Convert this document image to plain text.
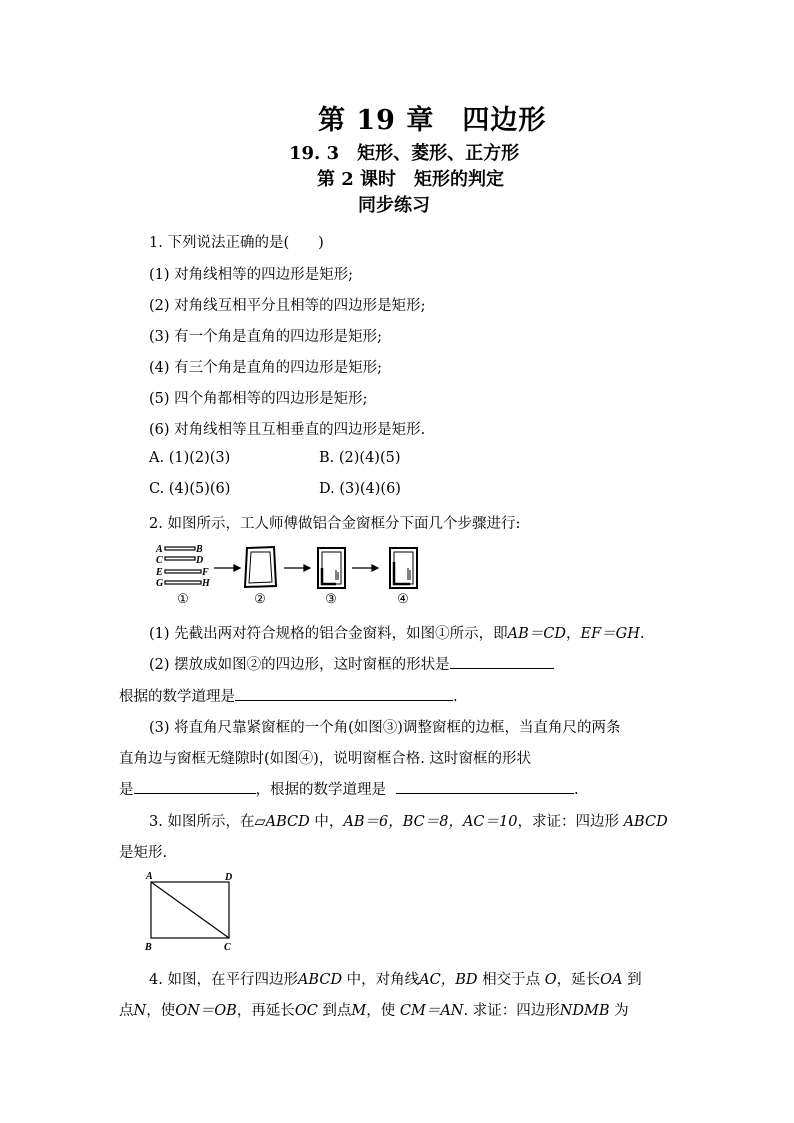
第 19 章　四边形
19. 3　矩形、菱形、正方形
第 2 课时　矩形的判定
同步练习
1. 下列说法正确的是(　　)
(1) 对角线相等的四边形是矩形;
(2) 对角线互相平分且相等的四边形是矩形;
(3) 有一个角是直角的四边形是矩形;
(4) 有三个角是直角的四边形是矩形;
(5) 四个角都相等的四边形是矩形;
(6) 对角线相等且互相垂直的四边形是矩形.
A. (1)(2)(3)	B. (2)(4)(5)
C. (4)(5)(6)	D. (3)(4)(6)
2. 如图所示，工人师傅做铝合金窗框分下面几个步骤进行:
A
C
E
G
B
D
F
H
①	②	③	④
(1) 先截出两对符合规格的铝合金窗料，如图①所示，即AB＝CD，EF＝GH.
(2) 摆放成如图②的四边形，这时窗框的形状是
根据的数学道理是	.
(3) 将直角尺靠紧窗框的一个角(如图③)调整窗框的边框，当直角尺的两条
直角边与窗框无缝隙时(如图④)，说明窗框合格. 这时窗框的形状
是	，根据的数学道理是	.
3. 如图所示，在▱ABCD 中，AB＝6，BC＝8，AC＝10，求证：四边形 ABCD
是矩形.
A	D
B	C
4. 如图，在平行四边形ABCD 中，对角线AC，BD 相交于点 O，延长OA 到
点N，使ON＝OB，再延长OC 到点M，使 CM＝AN. 求证：四边形NDMB 为
